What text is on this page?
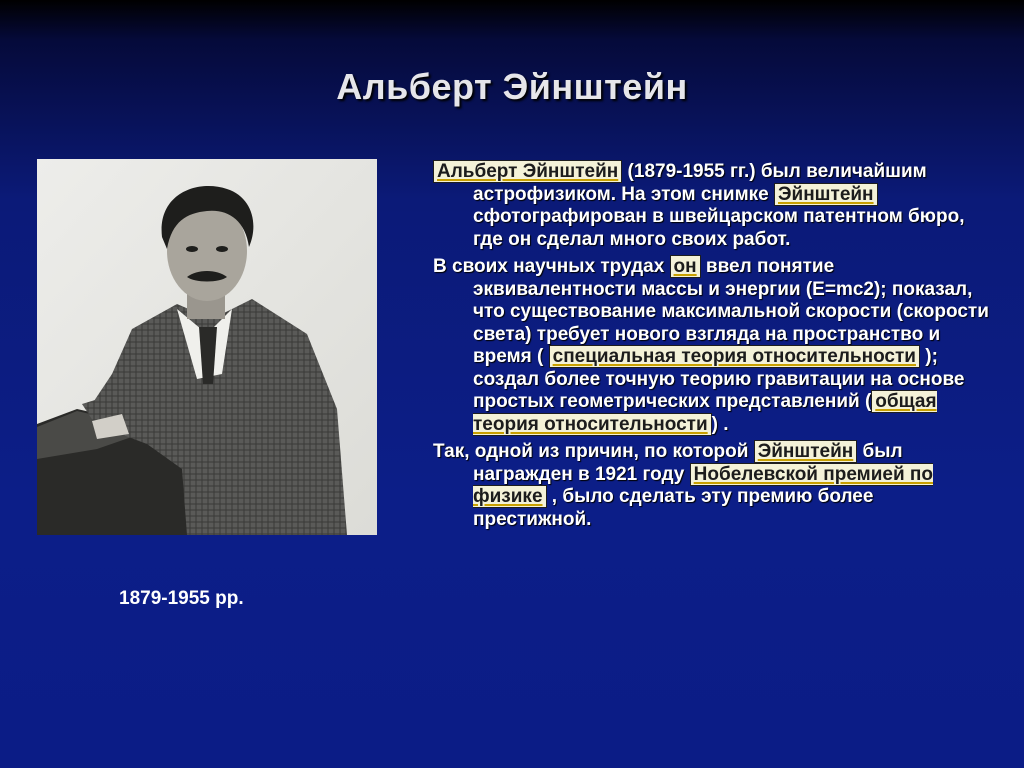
Альберт Эйнштейн
1879-1955 рр.
Альберт Эйнштейн (1879-1955 гг.) был величайшим астрофизиком. На этом снимке Эйнштейн сфотографирован в швейцарском патентном бюро, где он сделал много своих работ.
В своих научных трудах он ввел понятие эквивалентности массы и энергии (E=mc2); показал, что существование максимальной скорости (скорости света) требует нового взгляда на пространство и время ( специальная теория относительности ); создал более точную теорию гравитации на основе простых геометрических представлений ( общая теория относительности ) .
Так, одной из причин, по которой Эйнштейн был награжден в 1921 году Нобелевской премией по физике , было сделать эту премию более престижной.
